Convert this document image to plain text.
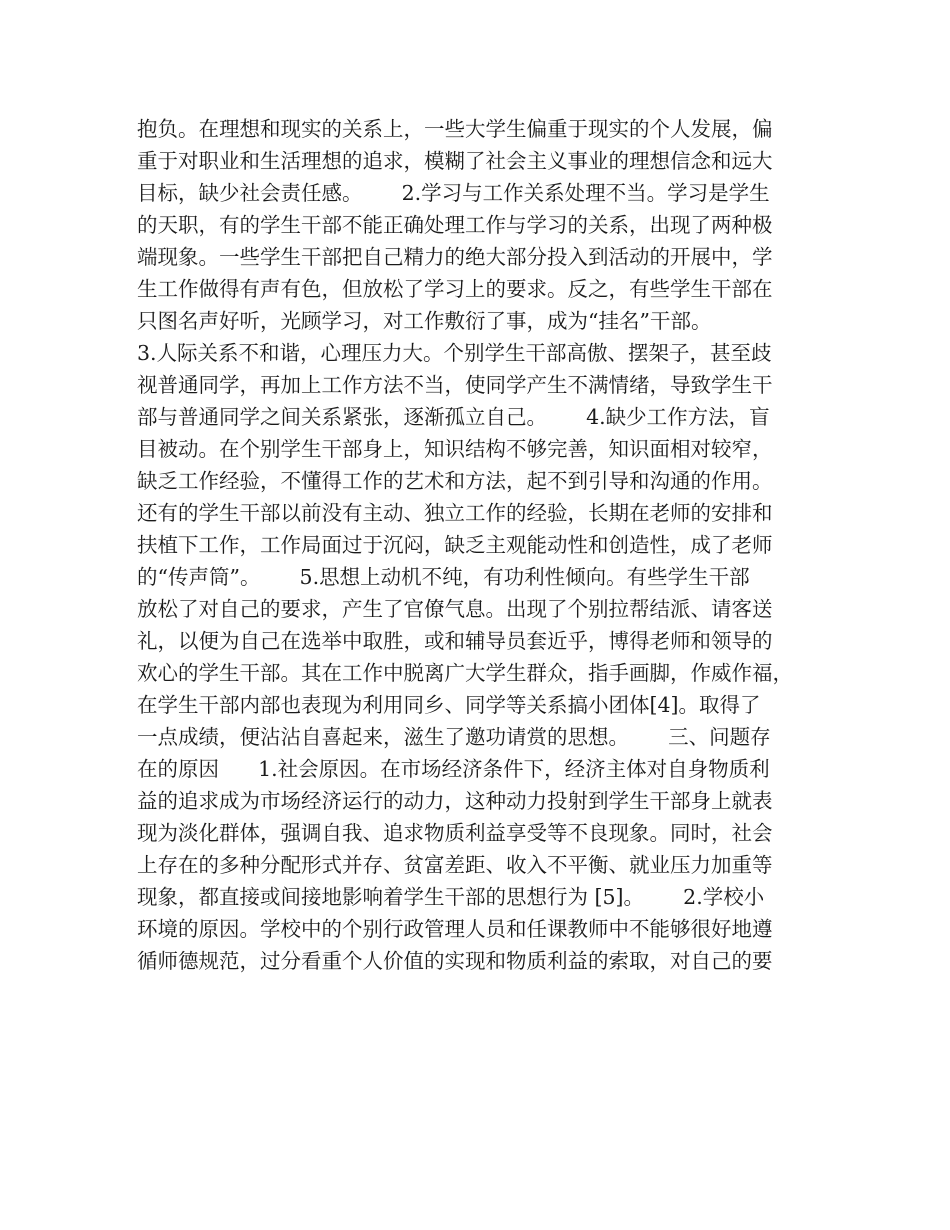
抱负。在理想和现实的关系上，一些大学生偏重于现实的个人发展，偏
重于对职业和生活理想的追求，模糊了社会主义事业的理想信念和远大
目标，缺少社会责任感。      2.学习与工作关系处理不当。学习是学生
的天职，有的学生干部不能正确处理工作与学习的关系，出现了两种极
端现象。一些学生干部把自己精力的绝大部分投入到活动的开展中，学
生工作做得有声有色，但放松了学习上的要求。反之，有些学生干部在
只图名声好听，光顾学习，对工作敷衍了事，成为“挂名”干部。
3.人际关系不和谐，心理压力大。个别学生干部高傲、摆架子，甚至歧
视普通同学，再加上工作方法不当，使同学产生不满情绪，导致学生干
部与普通同学之间关系紧张，逐渐孤立自己。      4.缺少工作方法，盲
目被动。在个别学生干部身上，知识结构不够完善，知识面相对较窄，
缺乏工作经验，不懂得工作的艺术和方法，起不到引导和沟通的作用。
还有的学生干部以前没有主动、独立工作的经验，长期在老师的安排和
扶植下工作，工作局面过于沉闷，缺乏主观能动性和创造性，成了老师
的“传声筒”。      5.思想上动机不纯，有功利性倾向。有些学生干部
放松了对自己的要求，产生了官僚气息。出现了个别拉帮结派、请客送
礼，以便为自己在选举中取胜，或和辅导员套近乎，博得老师和领导的
欢心的学生干部。其在工作中脱离广大学生群众，指手画脚，作威作福，
在学生干部内部也表现为利用同乡、同学等关系搞小团体[4]。取得了
一点成绩，便沾沾自喜起来，滋生了邀功请赏的思想。      三、问题存
在的原因      1.社会原因。在市场经济条件下，经济主体对自身物质利
益的追求成为市场经济运行的动力，这种动力投射到学生干部身上就表
现为淡化群体，强调自我、追求物质利益享受等不良现象。同时，社会
上存在的多种分配形式并存、贫富差距、收入不平衡、就业压力加重等
现象，都直接或间接地影响着学生干部的思想行为 [5]。      2.学校小
环境的原因。学校中的个别行政管理人员和任课教师中不能够很好地遵
循师德规范，过分看重个人价值的实现和物质利益的索取，对自己的要
